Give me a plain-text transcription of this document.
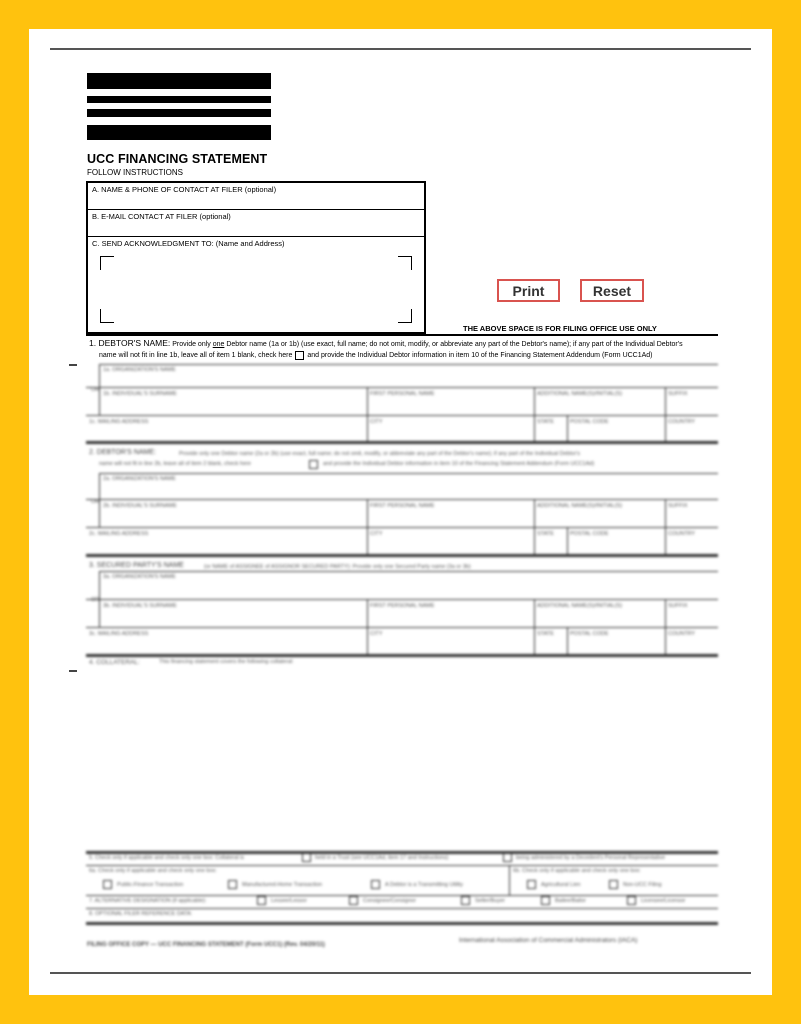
UCC FINANCING STATEMENT
FOLLOW INSTRUCTIONS
A. NAME & PHONE OF CONTACT AT FILER (optional)
B. E-MAIL CONTACT AT FILER (optional)
C. SEND ACKNOWLEDGMENT TO: (Name and Address)
Print	Reset
THE ABOVE SPACE IS FOR FILING OFFICE USE ONLY
1. DEBTOR'S NAME: Provide only one Debtor name (1a or 1b) (use exact, full name; do not omit, modify, or abbreviate any part of the Debtor's name); if any part of the Individual Debtor's
name will not fit in line 1b, leave all of item 1 blank, check here and provide the Individual Debtor information in item 10 of the Financing Statement Addendum (Form UCC1Ad)
1a. ORGANIZATION'S NAME
OR
1b. INDIVIDUAL'S SURNAME	FIRST PERSONAL NAME	ADDITIONAL NAME(S)/INITIAL(S)	SUFFIX
1c. MAILING ADDRESS	CITY	STATE	POSTAL CODE	COUNTRY
2. DEBTOR'S NAME:	Provide only one Debtor name (2a or 2b) (use exact, full name; do not omit, modify, or abbreviate any part of the Debtor's name); if any part of the Individual Debtor's
name will not fit in line 2b, leave all of item 2 blank, check here	and provide the Individual Debtor information in item 10 of the Financing Statement Addendum (Form UCC1Ad)
2a. ORGANIZATION'S NAME
OR
2b. INDIVIDUAL'S SURNAME	FIRST PERSONAL NAME	ADDITIONAL NAME(S)/INITIAL(S)	SUFFIX
2c. MAILING ADDRESS	CITY	STATE	POSTAL CODE	COUNTRY
3. SECURED PARTY'S NAME	(or NAME of ASSIGNEE of ASSIGNOR SECURED PARTY): Provide only one Secured Party name (3a or 3b)
3a. ORGANIZATION'S NAME
OR
3b. INDIVIDUAL'S SURNAME	FIRST PERSONAL NAME	ADDITIONAL NAME(S)/INITIAL(S)	SUFFIX
3c. MAILING ADDRESS	CITY	STATE	POSTAL CODE	COUNTRY
4. COLLATERAL:	This financing statement covers the following collateral:
5. Check only if applicable and check only one box: Collateral is	held in a Trust (see UCC1Ad, item 17 and Instructions)	being administered by a Decedent's Personal Representative
6a. Check only if applicable and check only one box:	6b. Check only if applicable and check only one box:
Public-Finance Transaction	Manufactured-Home Transaction	A Debtor is a Transmitting Utility	Agricultural Lien	Non-UCC Filing
7. ALTERNATIVE DESIGNATION (if applicable):	Lessee/Lessor	Consignee/Consignor	Seller/Buyer	Bailee/Bailor	Licensee/Licensor
8. OPTIONAL FILER REFERENCE DATA:
FILING OFFICE COPY — UCC FINANCING STATEMENT (Form UCC1) (Rev. 04/20/11)
International Association of Commercial Administrators (IACA)
